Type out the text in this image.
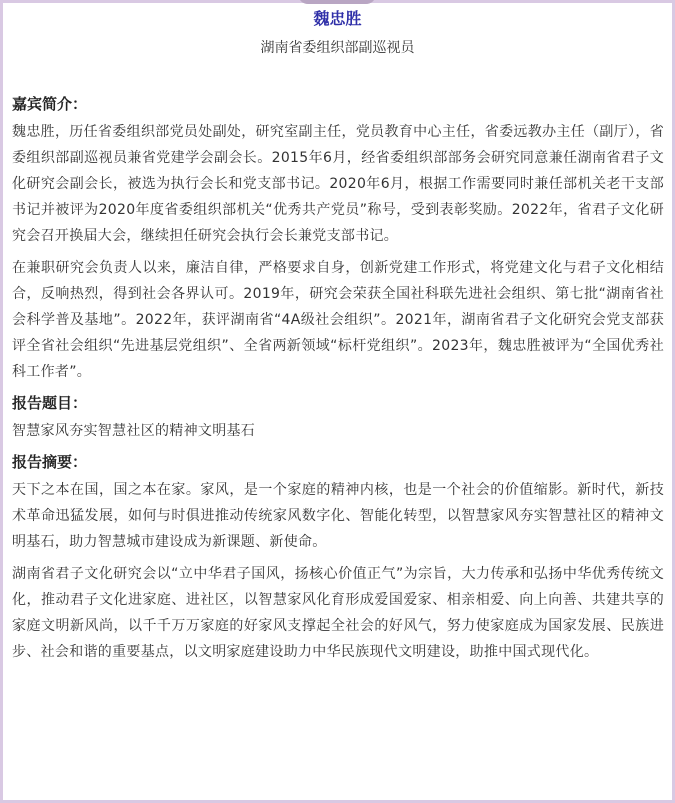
魏忠胜
湖南省委组织部副巡视员
嘉宾简介：

魏忠胜，历任省委组织部党员处副处，研究室副主任，党员教育中心主任，省委远教办主任（副厅），省委组织部副巡视员兼省党建学会副会长。2015年6月，经省委组织部部务会研究同意兼任湖南省君子文化研究会副会长，被选为执行会长和党支部书记。2020年6月，根据工作需要同时兼任部机关老干支部书记并被评为2020年度省委组织部机关“优秀共产党员”称号，受到表彰奖励。2022年，省君子文化研究会召开换届大会，继续担任研究会执行会长兼党支部书记。

在兼职研究会负责人以来，廉洁自律，严格要求自身，创新党建工作形式，将党建文化与君子文化相结合，反响热烈，得到社会各界认可。2019年，研究会荣获全国社科联先进社会组织、第七批“湖南省社会科学普及基地”。2022年，获评湖南省“4A级社会组织”。2021年，湖南省君子文化研究会党支部获评全省社会组织“先进基层党组织”、全省两新领域“标杆党组织”。2023年，魏忠胜被评为“全国优秀社科工作者”。

报告题目：

智慧家风夯实智慧社区的精神文明基石

报告摘要：

天下之本在国，国之本在家。家风，是一个家庭的精神内核，也是一个社会的价值缩影。新时代，新技术革命迅猛发展，如何与时俱进推动传统家风数字化、智能化转型，以智慧家风夯实智慧社区的精神文明基石，助力智慧城市建设成为新课题、新使命。

湖南省君子文化研究会以“立中华君子国风，扬核心价值正气”为宗旨，大力传承和弘扬中华优秀传统文化，推动君子文化进家庭、进社区，以智慧家风化育形成爱国爱家、相亲相爱、向上向善、共建共享的家庭文明新风尚，以千千万万家庭的好家风支撑起全社会的好风气，努力使家庭成为国家发展、民族进步、社会和谐的重要基点，以文明家庭建设助力中华民族现代文明建设，助推中国式现代化。
